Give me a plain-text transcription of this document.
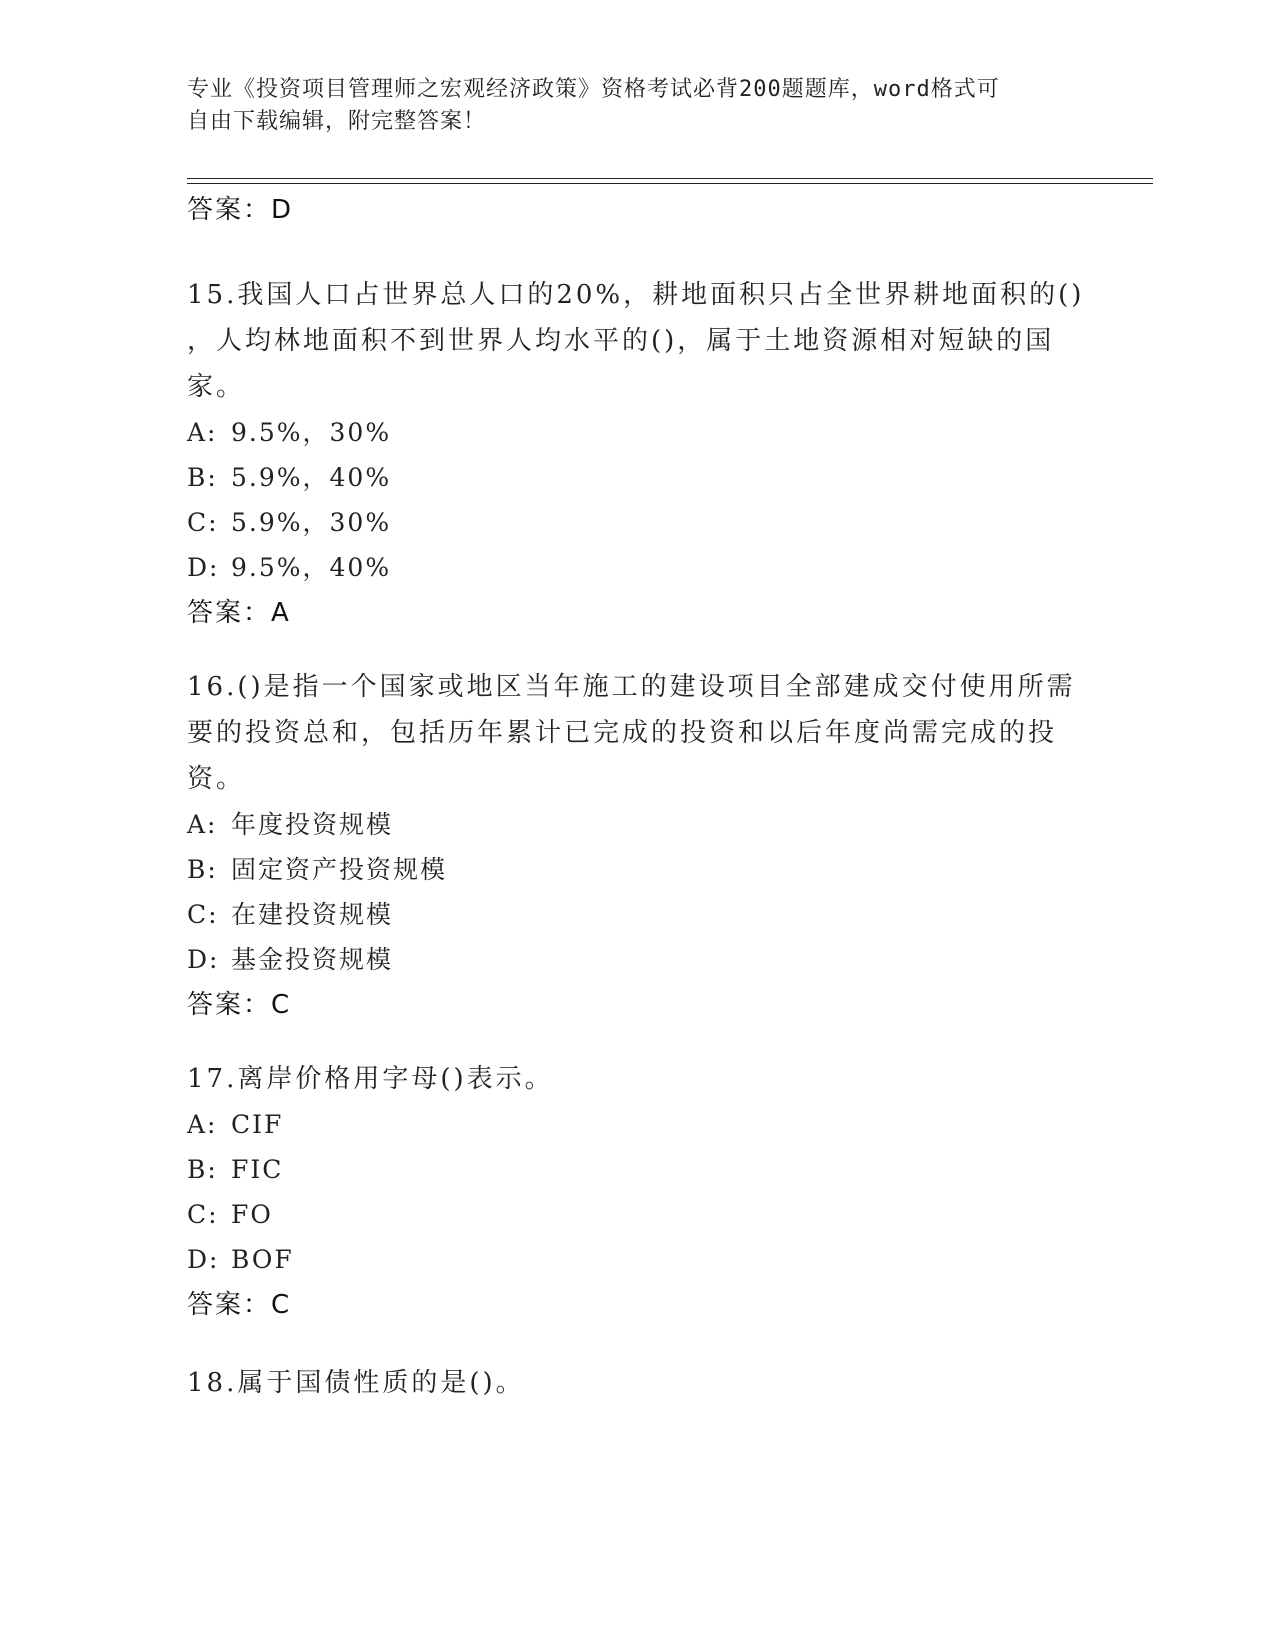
专业《投资项目管理师之宏观经济政策》资格考试必背200题题库，word格式可
自由下载编辑，附完整答案！
答案：D
15.我国人口占世界总人口的20%，耕地面积只占全世界耕地面积的()
，人均林地面积不到世界人均水平的()，属于土地资源相对短缺的国
家。
A: 9.5%，30%
B: 5.9%，40%
C: 5.9%，30%
D: 9.5%，40%
答案：A
16.()是指一个国家或地区当年施工的建设项目全部建成交付使用所需
要的投资总和，包括历年累计已完成的投资和以后年度尚需完成的投
资。
A: 年度投资规模
B: 固定资产投资规模
C: 在建投资规模
D: 基金投资规模
答案：C
17.离岸价格用字母()表示。
A: CIF
B: FIC
C: FO
D: BOF
答案：C
18.属于国债性质的是()。
